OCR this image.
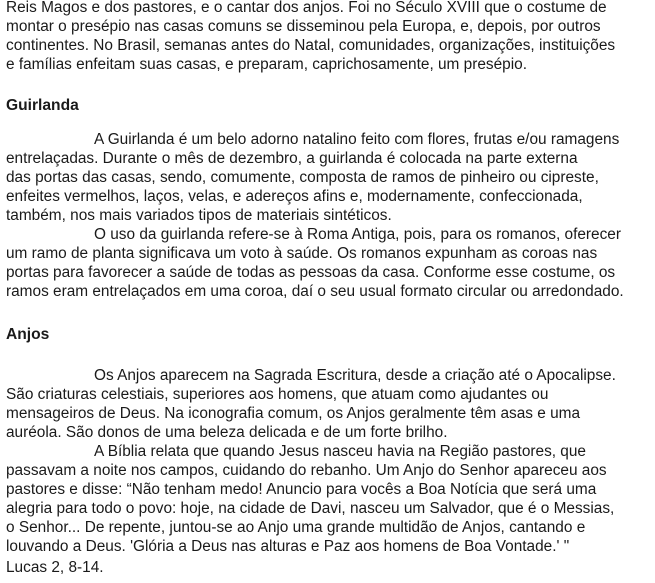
Reis Magos e dos pastores, e o cantar dos anjos. Foi no Século XVIII que o costume de
montar o presépio nas casas comuns se disseminou pela Europa, e, depois, por outros
continentes. No Brasil, semanas antes do Natal, comunidades, organizações, instituições
e famílias enfeitam suas casas, e preparam, caprichosamente, um presépio.
Guirlanda
A Guirlanda é um belo adorno natalino feito com flores, frutas e/ou ramagens
entrelaçadas. Durante o mês de dezembro, a guirlanda é colocada na parte externa
das portas das casas, sendo, comumente, composta de ramos de pinheiro ou cipreste,
enfeites vermelhos, laços, velas, e adereços afins e, modernamente, confeccionada,
também, nos mais variados tipos de materiais sintéticos.
O uso da guirlanda refere-se à Roma Antiga, pois, para os romanos, oferecer
um ramo de planta significava um voto à saúde. Os romanos expunham as coroas nas
portas para favorecer a saúde de todas as pessoas da casa. Conforme esse costume, os
ramos eram entrelaçados em uma coroa, daí o seu usual formato circular ou arredondado.
Anjos
Os Anjos aparecem na Sagrada Escritura, desde a criação até o Apocalipse.
São criaturas celestiais, superiores aos homens, que atuam como ajudantes ou
mensageiros de Deus. Na iconografia comum, os Anjos geralmente têm asas e uma
auréola. São donos de uma beleza delicada e de um forte brilho.
A Bíblia relata que quando Jesus nasceu havia na Região pastores, que
passavam a noite nos campos, cuidando do rebanho. Um Anjo do Senhor apareceu aos
pastores e disse: “Não tenham medo! Anuncio para vocês a Boa Notícia que será uma
alegria para todo o povo: hoje, na cidade de Davi, nasceu um Salvador, que é o Messias,
o Senhor... De repente, juntou-se ao Anjo uma grande multidão de Anjos, cantando e
louvando a Deus. 'Glória a Deus nas alturas e Paz aos homens de Boa Vontade.' "
Lucas 2, 8-14.
